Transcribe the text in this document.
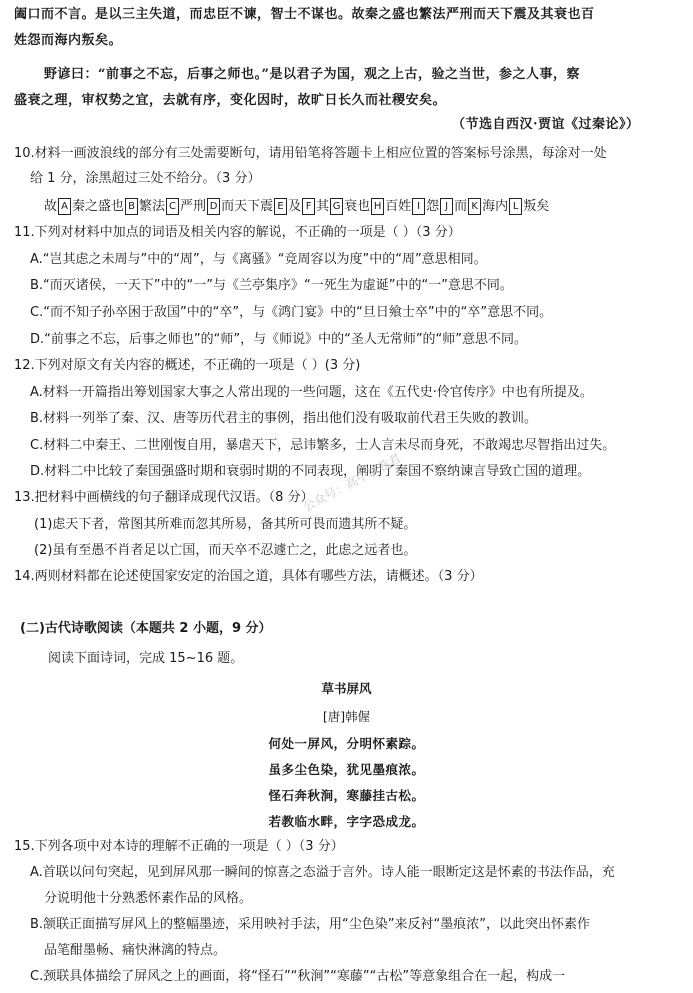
阖口而不言。是以三主失道，而忠臣不谏，智士不谋也。故秦之盛也繁法严刑而天下震及其衰也百
姓怨而海内叛矣。
野谚曰：“前事之不忘，后事之师也。”是以君子为国，观之上古，验之当世，参之人事，察
盛衰之理，审权势之宜，去就有序，变化因时，故旷日长久而社稷安矣。
（节选自西汉·贾谊《过秦论》）
10.材料一画波浪线的部分有三处需要断句，请用铅笔将答题卡上相应位置的答案标号涂黑，每涂对一处
给 1 分，涂黑超过三处不给分。（3 分）
故 A 秦之盛也 B 繁法 C 严刑 D 而天下震 E 及 F 其 G 衰也 H 百姓 I 怨 J 而 K 海内 L 叛矣
11.下列对材料中加点的词语及相关内容的解说，不正确的一项是（ ）（3 分）
A.“岂其虑之未周与”中的“周”，与《离骚》“竞周容以为度”中的“周”意思相同。
B.“而灭诸侯，一天下”中的“一”与《兰亭集序》“一死生为虚诞”中的“一”意思不同。
C.“而不知子孙卒困于敌国”中的“卒”，与《鸿门宴》中的“旦日飨士卒”中的“卒”意思不同。
D.“前事之不忘，后事之师也”的“师”，与《师说》中的“圣人无常师”的“师”意思不同。
12.下列对原文有关内容的概述，不正确的一项是（ ）(3 分)
A.材料一开篇指出筹划国家大事之人常出现的一些问题，这在《五代史·伶官传序》中也有所提及。
B.材料一列举了秦、汉、唐等历代君主的事例，指出他们没有吸取前代君王失败的教训。
C.材料二中秦王、二世刚愎自用，暴虐天下，忌讳繁多，士人言未尽而身死，不敢竭忠尽智指出过失。
D.材料二中比较了秦国强盛时期和衰弱时期的不同表现，阐明了秦国不察纳谏言导致亡国的道理。
13.把材料中画横线的句子翻译成现代汉语。（8 分）
(1)虑天下者，常图其所难而忽其所易，备其所可畏而遗其所不疑。
(2)虽有至愚不肖者足以亡国，而天卒不忍遽亡之，此虑之远者也。
14.两则材料都在论述使国家安定的治国之道，具体有哪些方法，请概述。（3 分）
(二)古代诗歌阅读（本题共 2 小题，9 分）
阅读下面诗词，完成 15~16 题。
草书屏风
[唐]韩偓
何处一屏风，分明怀素踪。
虽多尘色染，犹见墨痕浓。
怪石奔秋涧，寒藤挂古松。
若教临水畔，字字恐成龙。
15.下列各项中对本诗的理解不正确的一项是（ ）（3 分）
A.首联以问句突起，见到屏风那一瞬间的惊喜之态溢于言外。诗人能一眼断定这是怀素的书法作品，充
分说明他十分熟悉怀素作品的风格。
B.颔联正面描写屏风上的整幅墨迹，采用映衬手法，用“尘色染”来反衬“墨痕浓”，以此突出怀素作
品笔酣墨畅、痛快淋漓的特点。
C.颈联具体描绘了屏风之上的画面，将“怪石”“秋涧”“寒藤”“古松”等意象组合在一起，构成一
公众号：高中试卷君
